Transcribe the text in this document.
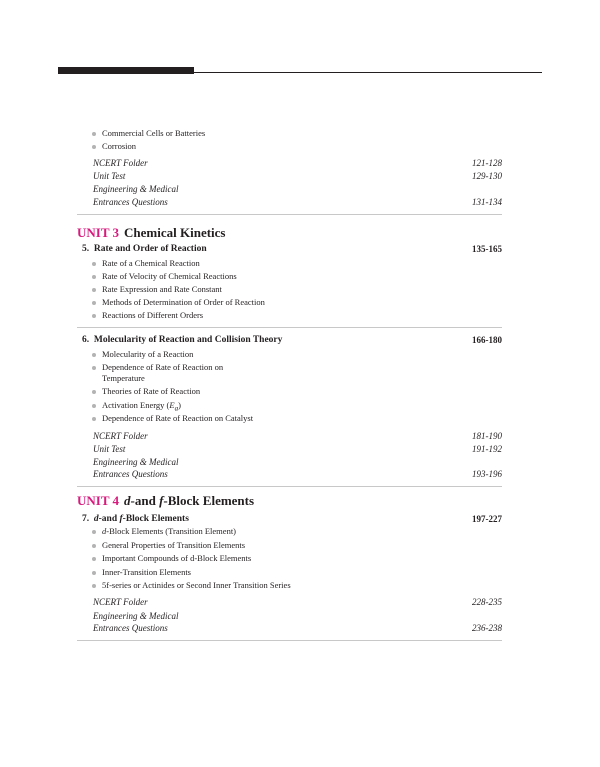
Commercial Cells or Batteries
Corrosion
NCERT Folder	121-128
Unit Test	129-130
Engineering & Medical
Entrances Questions	131-134
UNIT 3 Chemical Kinetics
5. Rate and Order of Reaction	135-165
Rate of a Chemical Reaction
Rate of Velocity of Chemical Reactions
Rate Expression and Rate Constant
Methods of Determination of Order of Reaction
Reactions of Different Orders
6. Molecularity of Reaction and Collision Theory	166-180
Molecularity of a Reaction
Dependence of Rate of Reaction on
Temperature
Theories of Rate of Reaction
Activation Energy $(E_a)$
Dependence of Rate of Reaction on Catalyst
NCERT Folder	181-190
Unit Test	191-192
Engineering & Medical
Entrances Questions	193-196
UNIT 4 d-and f-Block Elements
7. d-and f-Block Elements	197-227
d-Block Elements (Transition Element)
General Properties of Transition Elements
Important Compounds of d-Block Elements
Inner-Transition Elements
5f-series or Actinides or Second Inner Transition Series
NCERT Folder	228-235
Engineering & Medical
Entrances Questions	236-238
